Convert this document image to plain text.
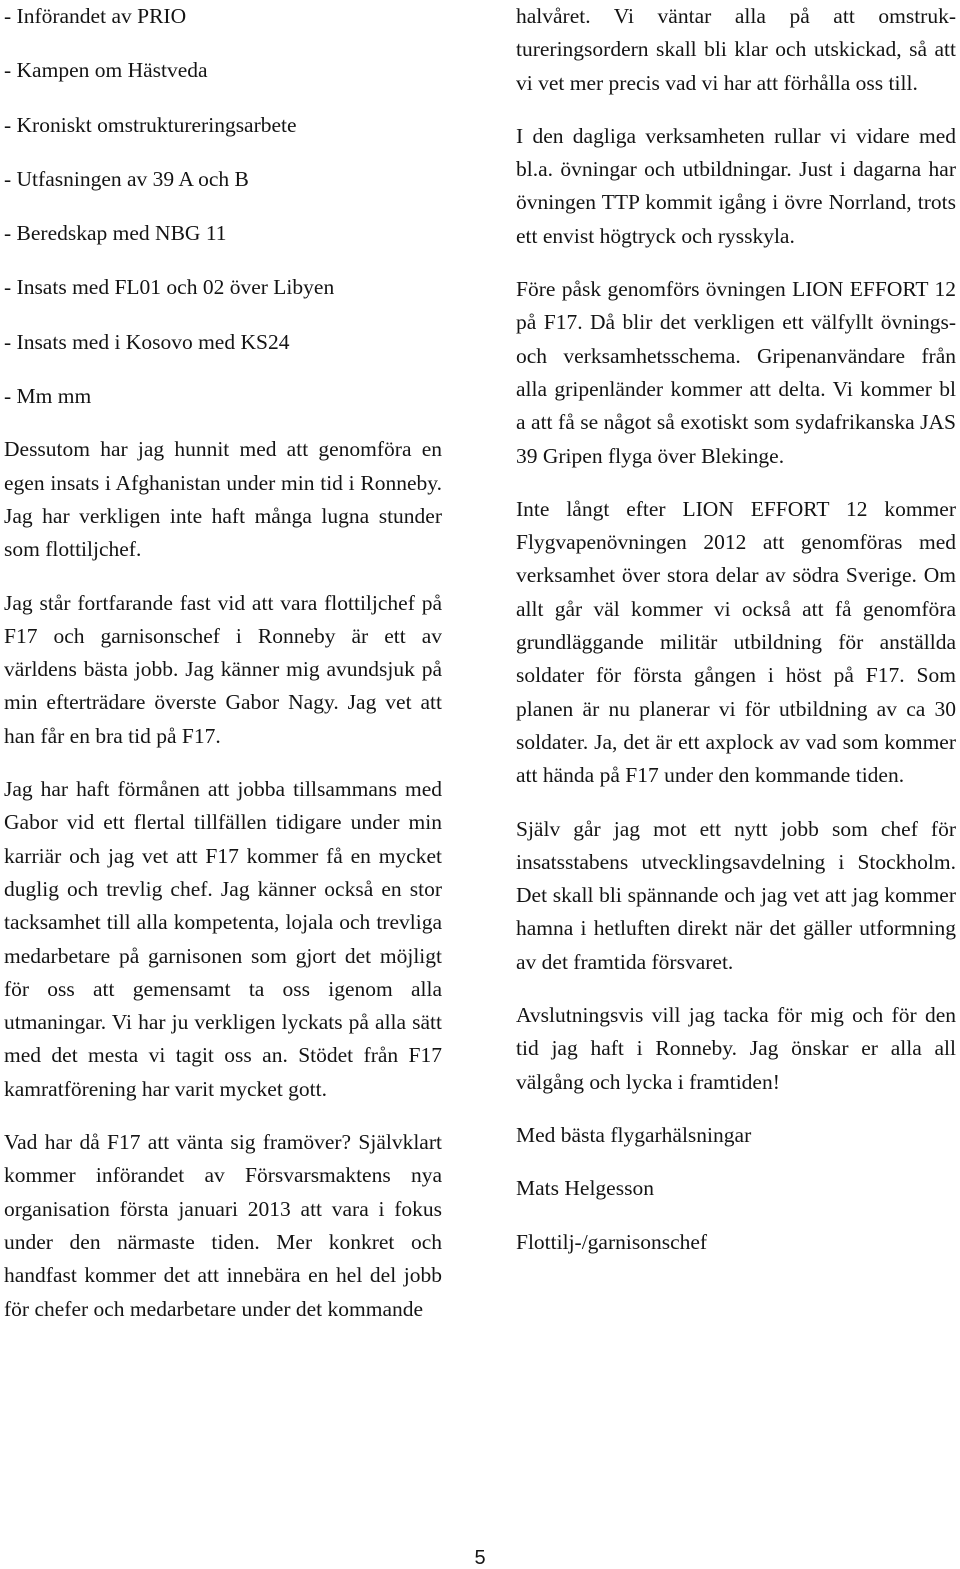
- Införandet av PRIO

- Kampen om Hästveda

- Kroniskt omstruktureringsarbete

- Utfasningen av 39 A och B

- Beredskap med NBG 11

- Insats med FL01 och 02 över Libyen

- Insats med i Kosovo med KS24

- Mm mm

Dessutom har jag hunnit med att genomföra en egen insats i Afghanistan under min tid i Ronneby. Jag har verkligen inte haft många lugna stunder som flottiljchef.

Jag står fortfarande fast vid att vara flottiljchef på F17 och garnisonschef i Ronneby är ett av världens bästa jobb. Jag känner mig avundsjuk på min efterträdare överste Gabor Nagy. Jag vet att han får en bra tid på F17.

Jag har haft förmånen att jobba tillsammans med Gabor vid ett flertal tillfällen tidigare under min karriär och jag vet att F17 kommer få en mycket duglig och trevlig chef. Jag känner också en stor tacksamhet till alla kompetenta, lojala och trevliga medarbetare på garnisonen som gjort det möjligt för oss att gemensamt ta oss igenom alla utmaningar. Vi har ju verkligen lyckats på alla sätt med det mesta vi tagit oss an. Stödet från F17 kamratförening har varit mycket gott.

Vad har då F17 att vänta sig framöver? Självklart kommer införandet av Försvarsmaktens nya organisation första januari 2013 att vara i fokus under den närmaste tiden. Mer konkret och handfast kommer det att innebära en hel del jobb för chefer och medarbetare under det kommande

halvåret. Vi väntar alla på att omstruktureringsordern skall bli klar och utskickad, så att vi vet mer precis vad vi har att förhålla oss till.

I den dagliga verksamheten rullar vi vidare med bl.a. övningar och utbildningar. Just i dagarna har övningen TTP kommit igång i övre Norrland, trots ett envist högtryck och rysskyla.

Före påsk genomförs övningen LION EFFORT 12 på F17. Då blir det verkligen ett välfyllt övnings- och verksamhetsschema. Gripenanvändare från alla gripenländer kommer att delta. Vi kommer bl a att få se något så exotiskt som sydafrikanska JAS 39 Gripen flyga över Blekinge.

Inte långt efter LION EFFORT 12 kommer Flygvapenövningen 2012 att genomföras med verksamhet över stora delar av södra Sverige. Om allt går väl kommer vi också att få genomföra grundläggande militär utbildning för anställda soldater för första gången i höst på F17. Som planen är nu planerar vi för utbildning av ca 30 soldater. Ja, det är ett axplock av vad som kommer att hända på F17 under den kommande tiden.

Själv går jag mot ett nytt jobb som chef för insatsstabens utvecklingsavdelning i Stockholm. Det skall bli spännande och jag vet att jag kommer hamna i hetluften direkt när det gäller utformning av det framtida försvaret.

Avslutningsvis vill jag tacka för mig och för den tid jag haft i Ronneby. Jag önskar er alla all välgång och lycka i framtiden!

Med bästa flygarhälsningar

Mats Helgesson

Flottilj-/garnisonschef

5
